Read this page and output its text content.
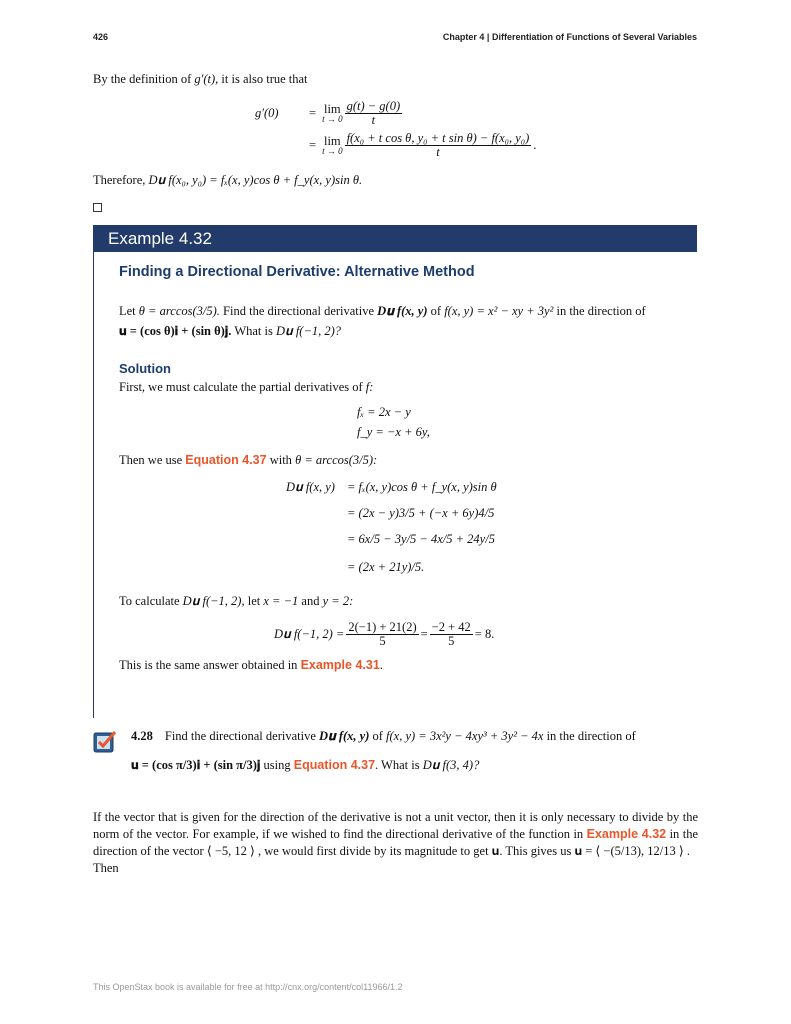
426	Chapter 4 | Differentiation of Functions of Several Variables
By the definition of g′(t), it is also true that
g′(0)	= lim
$t \to 0 \frac{g(t) - g(0)}{t}$
= lim
$t \to 0 \frac{\text{f(x₀ + t cos θ, y₀ + t sin θ) − f(x₀, y₀)}}{t}$ .
Therefore, D𝐮 f(x₀, y₀) = fₓ(x, y)cos θ + f_y(x, y)sin θ.
Example 4.32
Finding a Directional Derivative: Alternative Method
Let θ = arccos(3/5). Find the directional derivative D𝐮 f(x, y) of f(x, y) = x² − xy + 3y² in the direction of
𝐮 = (cos θ)𝐢 + (sin θ)𝐣. What is D𝐮 f(−1, 2)?
Solution
First, we must calculate the partial derivatives of f:
fₓ = 2x − y
f_y = −x + 6y,
Then we use Equation 4.37 with θ = arccos(3/5):
D𝐮 f(x, y) = fₓ(x, y)cos θ + f_y(x, y)sin θ
= (2x − y)3/5 + (−x + 6y)4/5
= 6x/5 − 3y/5 − 4x/5 + 24y/5
= (2x + 21y)/5.
To calculate D𝐮 f(−1, 2), let x = −1 and y = 2:
D𝐮 f(−1, $2) = \frac{2(-1) + 21(2)}{5} = \frac{-2 + 42}{5} = 8$.
This is the same answer obtained in Example 4.31.
4.28 Find the directional derivative D𝐮 f(x, y) of f(x, y) = 3x²y − 4xy³ + 3y² − 4x in the direction of
𝐮 = (cos π/3)𝐢 + (sin π/3)𝐣 using Equation 4.37. What is D𝐮 f(3, 4)?
If the vector that is given for the direction of the derivative is not a unit vector, then it is only necessary to divide by the norm of the vector. For example, if we wished to find the directional derivative of the function in Example 4.32 in the direction of the vector ⟨ −5, 12 ⟩ , we would first divide by its magnitude to get 𝐮. This gives us 𝐮 = ⟨ −(5/13), 12/13 ⟩ .
Then
This OpenStax book is available for free at http://cnx.org/content/col11966/1.2
